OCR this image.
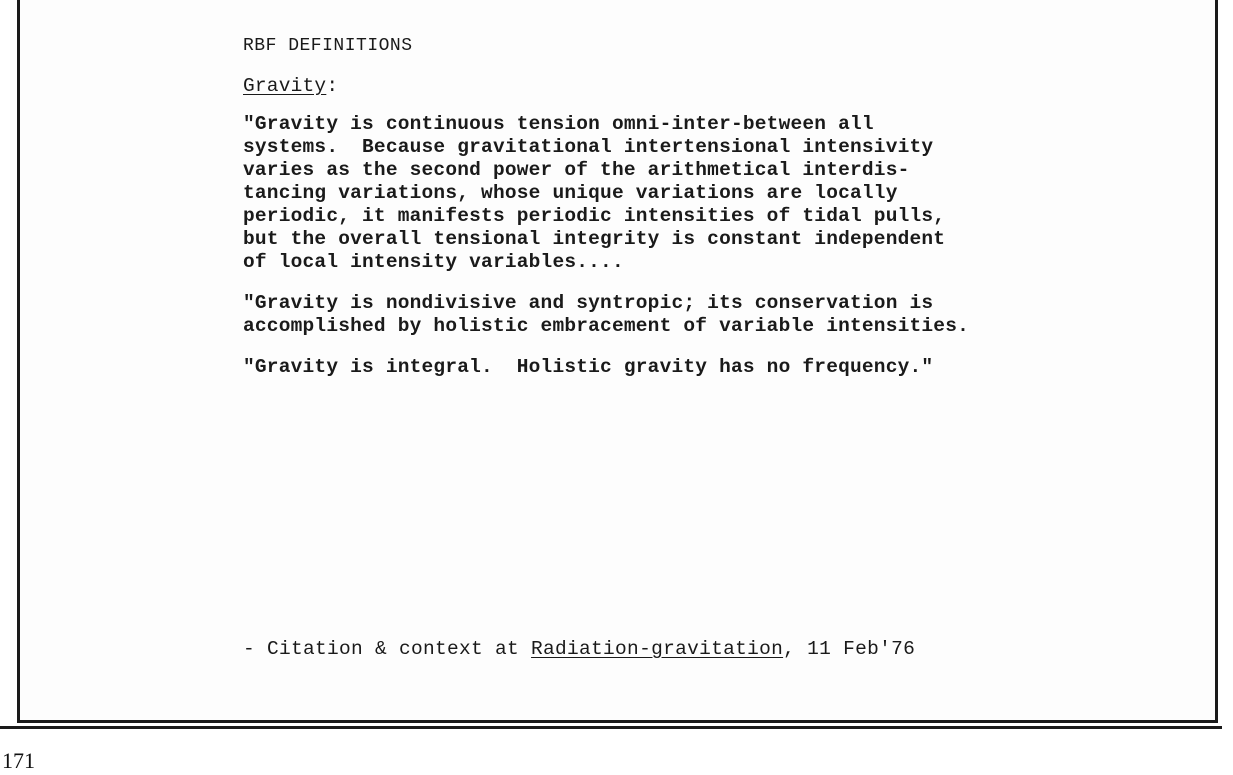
RBF DEFINITIONS
Gravity:
"Gravity is continuous tension omni-inter-between all
systems.  Because gravitational intertensional intensivity
varies as the second power of the arithmetical interdis-
tancing variations, whose unique variations are locally
periodic, it manifests periodic intensities of tidal pulls,
but the overall tensional integrity is constant independent
of local intensity variables....
"Gravity is nondivisive and syntropic; its conservation is
accomplished by holistic embracement of variable intensities.
"Gravity is integral.  Holistic gravity has no frequency."
- Citation & context at Radiation-gravitation, 11 Feb'76
171
